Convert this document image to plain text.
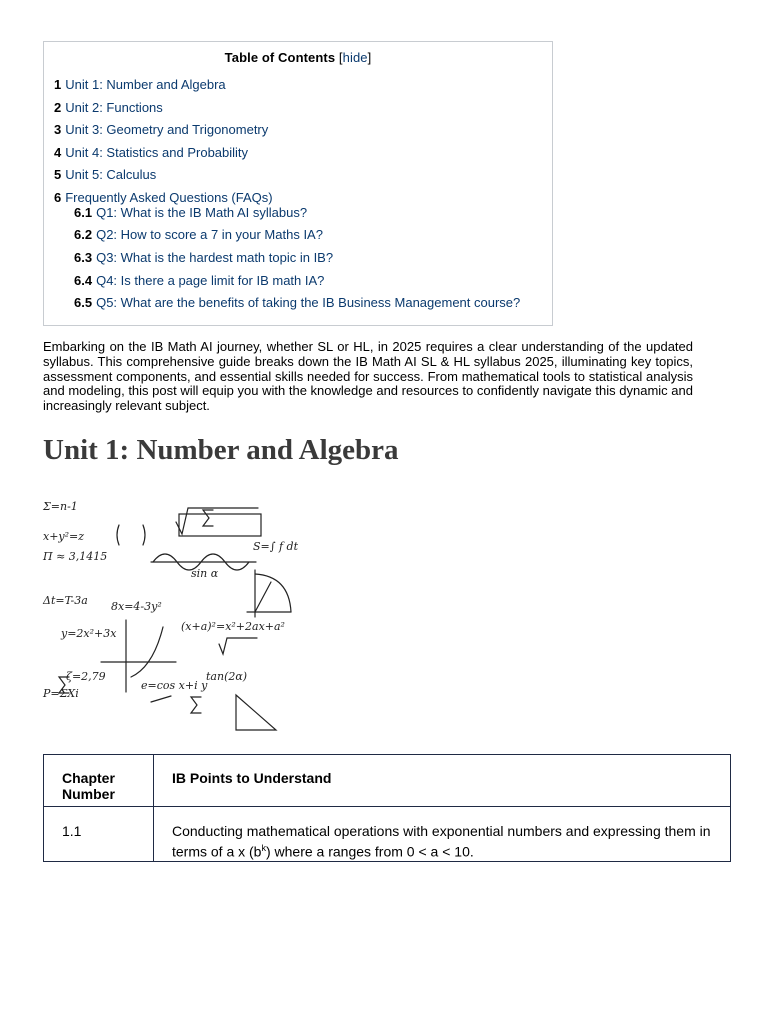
Table of Contents [hide]
1 Unit 1: Number and Algebra
2 Unit 2: Functions
3 Unit 3: Geometry and Trigonometry
4 Unit 4: Statistics and Probability
5 Unit 5: Calculus
6 Frequently Asked Questions (FAQs)
6.1 Q1: What is the IB Math AI syllabus?
6.2 Q2: How to score a 7 in your Maths IA?
6.3 Q3: What is the hardest math topic in IB?
6.4 Q4: Is there a page limit for IB math IA?
6.5 Q5: What are the benefits of taking the IB Business Management course?

Embarking on the IB Math AI journey, whether SL or HL, in 2025 requires a clear understanding of the updated syllabus. This comprehensive guide breaks down the IB Math AI SL & HL syllabus 2025, illuminating key topics, assessment components, and essential skills needed for success. From mathematical tools to statistical analysis and modeling, this post will equip you with the knowledge and resources to confidently navigate this dynamic and increasingly relevant subject.

Unit 1: Number and Algebra
Σ=n-1
Π ≈ 3,1415
x+y²=z
8x=4-3y²
y=2x²+3x
sin α
tan(2α)
e=cos x+i y
Δt=T-3a
P=ΣXi
(x+a)²=x²+2ax+a²
S=∫ f dt
ζ=2,79
Chapter Number	IB Points to Understand
1.1	Conducting mathematical operations with exponential numbers and expressing them in terms of a x $(b^k)$ where a ranges from 0 < a < 10.
